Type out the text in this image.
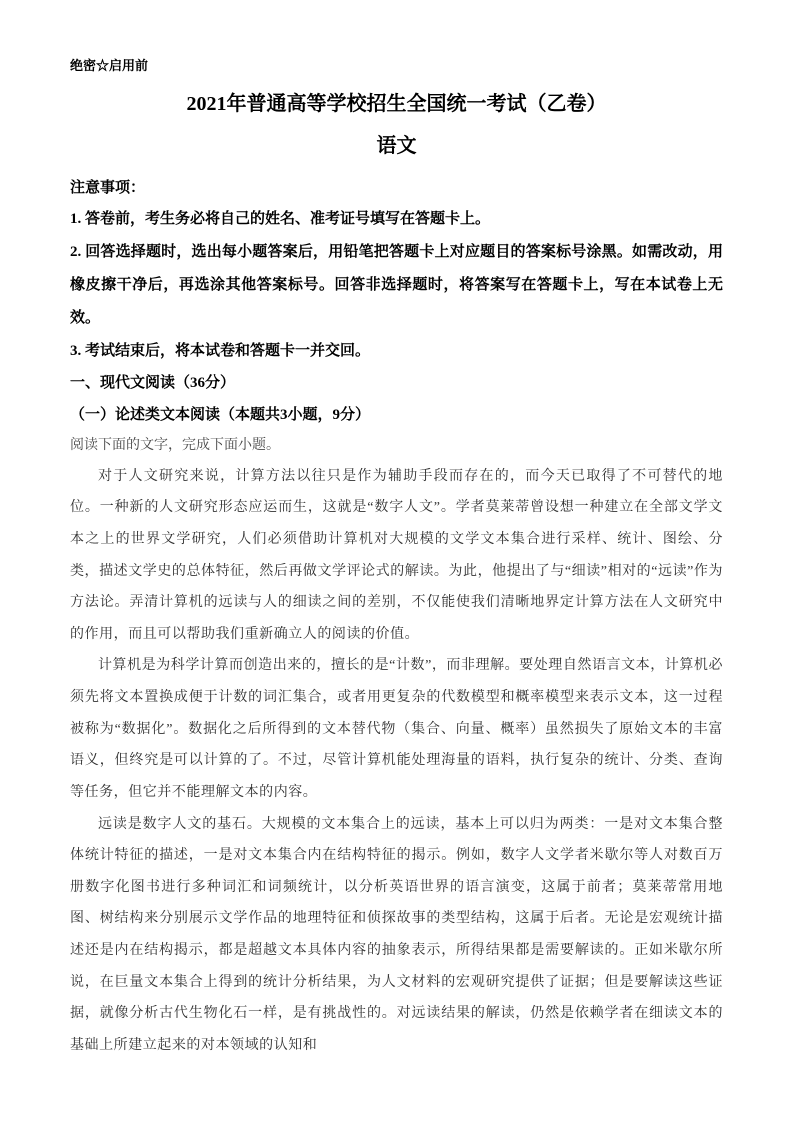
绝密☆启用前
2021年普通高等学校招生全国统一考试（乙卷）
语文
注意事项：
1. 答卷前，考生务必将自己的姓名、准考证号填写在答题卡上。
2. 回答选择题时，选出每小题答案后，用铅笔把答题卡上对应题目的答案标号涂黑。如需改动，用橡皮擦干净后，再选涂其他答案标号。回答非选择题时，将答案写在答题卡上，写在本试卷上无效。
3. 考试结束后，将本试卷和答题卡一并交回。
一、现代文阅读（36分）
（一）论述类文本阅读（本题共3小题，9分）
阅读下面的文字，完成下面小题。

对于人文研究来说，计算方法以往只是作为辅助手段而存在的，而今天已取得了不可替代的地位。一种新的人文研究形态应运而生，这就是“数字人文”。学者莫莱蒂曾设想一种建立在全部文学文本之上的世界文学研究，人们必须借助计算机对大规模的文学文本集合进行采样、统计、图绘、分类，描述文学史的总体特征，然后再做文学评论式的解读。为此，他提出了与“细读”相对的“远读”作为方法论。弄清计算机的远读与人的细读之间的差别，不仅能使我们清晰地界定计算方法在人文研究中的作用，而且可以帮助我们重新确立人的阅读的价值。

计算机是为科学计算而创造出来的，擅长的是“计数”，而非理解。要处理自然语言文本，计算机必须先将文本置换成便于计数的词汇集合，或者用更复杂的代数模型和概率模型来表示文本，这一过程被称为“数据化”。数据化之后所得到的文本替代物（集合、向量、概率）虽然损失了原始文本的丰富语义，但终究是可以计算的了。不过，尽管计算机能处理海量的语料，执行复杂的统计、分类、查询等任务，但它并不能理解文本的内容。

远读是数字人文的基石。大规模的文本集合上的远读，基本上可以归为两类：一是对文本集合整体统计特征的描述，一是对文本集合内在结构特征的揭示。例如，数字人文学者米歇尔等人对数百万册数字化图书进行多种词汇和词频统计，以分析英语世界的语言演变，这属于前者；莫莱蒂常用地图、树结构来分别展示文学作品的地理特征和侦探故事的类型结构，这属于后者。无论是宏观统计描述还是内在结构揭示，都是超越文本具体内容的抽象表示，所得结果都是需要解读的。正如米歇尔所说，在巨量文本集合上得到的统计分析结果，为人文材料的宏观研究提供了证据；但是要解读这些证据，就像分析古代生物化石一样，是有挑战性的。对远读结果的解读，仍然是依赖学者在细读文本的基础上所建立起来的对本领域的认知和
